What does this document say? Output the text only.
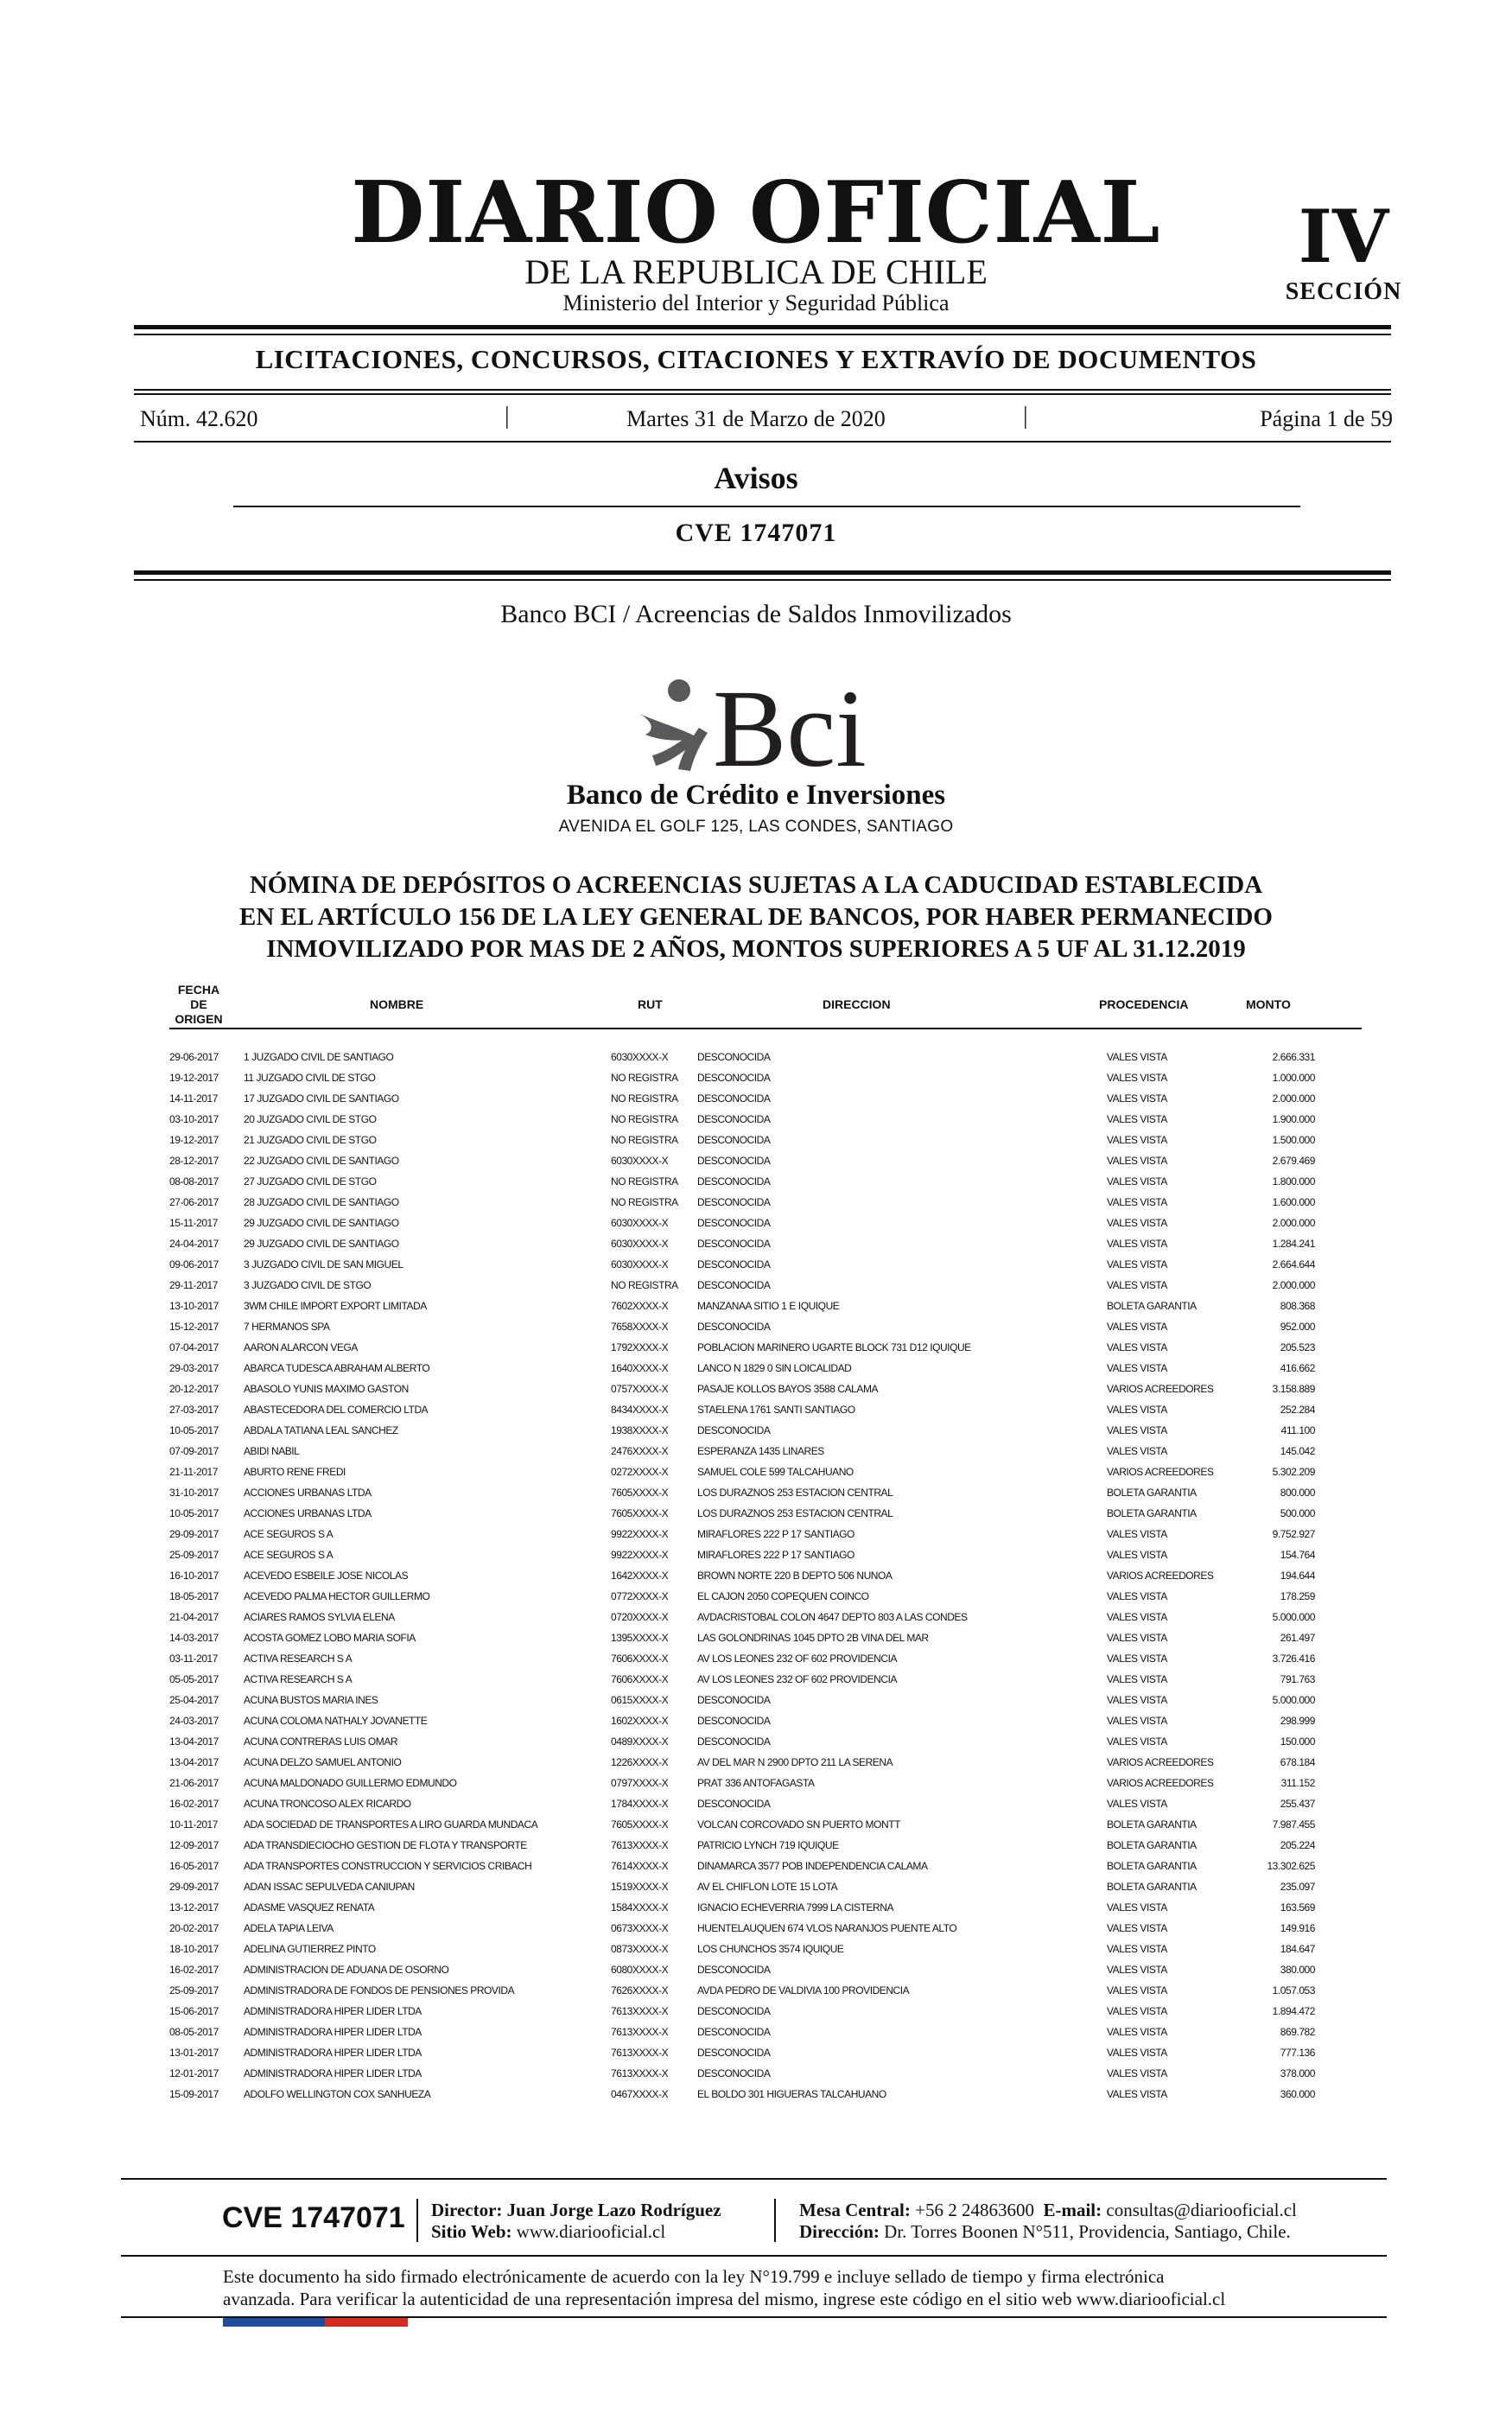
DIARIO OFICIAL
DE LA REPUBLICA DE CHILE
Ministerio del Interior y Seguridad Pública
IV
SECCIÓN
LICITACIONES, CONCURSOS, CITACIONES Y EXTRAVÍO DE DOCUMENTOS
Núm. 42.620	|	Martes 31 de Marzo de 2020	|	Página 1 de 59
Avisos
CVE 1747071
Banco BCI / Acreencias de Saldos Inmovilizados
Bci
Banco de Crédito e Inversiones
AVENIDA EL GOLF 125, LAS CONDES, SANTIAGO
NÓMINA DE DEPÓSITOS O ACREENCIAS SUJETAS A LA CADUCIDAD ESTABLECIDA
EN EL ARTÍCULO 156 DE LA LEY GENERAL DE BANCOS, POR HABER PERMANECIDO
INMOVILIZADO POR MAS DE 2 AÑOS, MONTOS SUPERIORES A 5 UF AL 31.12.2019
FECHA DE
ORIGEN
NOMBRE	RUT	DIRECCION	PROCEDENCIA	MONTO
29-06-2017 1 JUZGADO CIVIL DE SANTIAGO	6030XXXX-X	DESCONOCIDA	VALES VISTA	2.666.331
19-12-2017 11 JUZGADO CIVIL DE STGO	NO REGISTRA DESCONOCIDA	VALES VISTA	1.000.000
14-11-2017	17 JUZGADO CIVIL DE SANTIAGO	NO REGISTRA DESCONOCIDA	VALES VISTA	2.000.000
03-10-2017 20 JUZGADO CIVIL DE STGO	NO REGISTRA DESCONOCIDA	VALES VISTA	1.900.000
19-12-2017 21 JUZGADO CIVIL DE STGO	NO REGISTRA DESCONOCIDA	VALES VISTA	1.500.000
28-12-2017 22 JUZGADO CIVIL DE SANTIAGO	6030XXXX-X	DESCONOCIDA	VALES VISTA	2.679.469
08-08-2017 27 JUZGADO CIVIL DE STGO	NO REGISTRA DESCONOCIDA	VALES VISTA	1.800.000
27-06-2017 28 JUZGADO CIVIL DE SANTIAGO	NO REGISTRA DESCONOCIDA	VALES VISTA	1.600.000
15-11-2017	29 JUZGADO CIVIL DE SANTIAGO	6030XXXX-X	DESCONOCIDA	VALES VISTA	2.000.000
24-04-2017 29 JUZGADO CIVIL DE SANTIAGO	6030XXXX-X	DESCONOCIDA	VALES VISTA	1.284.241
09-06-2017 3 JUZGADO CIVIL DE SAN MIGUEL	6030XXXX-X	DESCONOCIDA	VALES VISTA	2.664.644
29-11-2017	3 JUZGADO CIVIL DE STGO	NO REGISTRA DESCONOCIDA	VALES VISTA	2.000.000
13-10-2017 3WM CHILE IMPORT EXPORT LIMITADA	7602XXXX-X	MANZANAA SITIO 1 E IQUIQUE	BOLETA GARANTIA	808.368
15-12-2017 7 HERMANOS SPA	7658XXXX-X	DESCONOCIDA	VALES VISTA	952.000
07-04-2017 AARON ALARCON VEGA	1792XXXX-X	POBLACION MARINERO UGARTE BLOCK 731 D12 IQUIQUE	VALES VISTA	205.523
29-03-2017 ABARCA TUDESCA ABRAHAM ALBERTO	1640XXXX-X	LANCO N 1829 0 SIN LOICALIDAD	VALES VISTA	416.662
20-12-2017 ABASOLO YUNIS MAXIMO GASTON	0757XXXX-X	PASAJE KOLLOS BAYOS 3588 CALAMA	VARIOS ACREEDORES	3.158.889
27-03-2017 ABASTECEDORA DEL COMERCIO LTDA	8434XXXX-X	STAELENA 1761 SANTI SANTIAGO	VALES VISTA	252.284
10-05-2017 ABDALA TATIANA LEAL SANCHEZ	1938XXXX-X	DESCONOCIDA	VALES VISTA	411.100
07-09-2017 ABIDI NABIL	2476XXXX-X	ESPERANZA 1435 LINARES	VALES VISTA	145.042
21-11-2017	ABURTO RENE FREDI	0272XXXX-X	SAMUEL COLE 599 TALCAHUANO	VARIOS ACREEDORES	5.302.209
31-10-2017 ACCIONES URBANAS LTDA	7605XXXX-X	LOS DURAZNOS 253 ESTACION CENTRAL	BOLETA GARANTIA	800.000
10-05-2017 ACCIONES URBANAS LTDA	7605XXXX-X	LOS DURAZNOS 253 ESTACION CENTRAL	BOLETA GARANTIA	500.000
29-09-2017 ACE SEGUROS S A	9922XXXX-X	MIRAFLORES 222 P 17 SANTIAGO	VALES VISTA	9.752.927
25-09-2017 ACE SEGUROS S A	9922XXXX-X	MIRAFLORES 222 P 17 SANTIAGO	VALES VISTA	154.764
16-10-2017 ACEVEDO ESBEILE JOSE NICOLAS	1642XXXX-X	BROWN NORTE 220 B DEPTO 506 NUNOA	VARIOS ACREEDORES	194.644
18-05-2017 ACEVEDO PALMA HECTOR GUILLERMO	0772XXXX-X	EL CAJON 2050 COPEQUEN COINCO	VALES VISTA	178.259
21-04-2017 ACIARES RAMOS SYLVIA ELENA	0720XXXX-X	AVDACRISTOBAL COLON 4647 DEPTO 803 A LAS CONDES	VALES VISTA	5.000.000
14-03-2017 ACOSTA GOMEZ LOBO MARIA SOFIA	1395XXXX-X	LAS GOLONDRINAS 1045 DPTO 2B VINA DEL MAR	VALES VISTA	261.497
03-11-2017	ACTIVA RESEARCH S A	7606XXXX-X	AV LOS LEONES 232 OF 602 PROVIDENCIA	VALES VISTA	3.726.416
05-05-2017 ACTIVA RESEARCH S A	7606XXXX-X	AV LOS LEONES 232 OF 602 PROVIDENCIA	VALES VISTA	791.763
25-04-2017 ACUNA BUSTOS MARIA INES	0615XXXX-X	DESCONOCIDA	VALES VISTA	5.000.000
24-03-2017 ACUNA COLOMA NATHALY JOVANETTE	1602XXXX-X	DESCONOCIDA	VALES VISTA	298.999
13-04-2017 ACUNA CONTRERAS LUIS OMAR	0489XXXX-X	DESCONOCIDA	VALES VISTA	150.000
13-04-2017 ACUNA DELZO SAMUEL ANTONIO	1226XXXX-X	AV DEL MAR N 2900 DPTO 211 LA SERENA	VARIOS ACREEDORES	678.184
21-06-2017 ACUNA MALDONADO GUILLERMO EDMUNDO	0797XXXX-X	PRAT 336 ANTOFAGASTA	VARIOS ACREEDORES	311.152
16-02-2017 ACUNA TRONCOSO ALEX RICARDO	1784XXXX-X	DESCONOCIDA	VALES VISTA	255.437
10-11-2017	ADA SOCIEDAD DE TRANSPORTES A LIRO GUARDA MUNDACA	7605XXXX-X	VOLCAN CORCOVADO SN PUERTO MONTT	BOLETA GARANTIA	7.987.455
12-09-2017 ADA TRANSDIECIOCHO GESTION DE FLOTA Y TRANSPORTE	7613XXXX-X	PATRICIO LYNCH 719 IQUIQUE	BOLETA GARANTIA	205.224
16-05-2017 ADA TRANSPORTES CONSTRUCCION Y SERVICIOS CRIBACH	7614XXXX-X	DINAMARCA 3577 POB INDEPENDENCIA CALAMA	BOLETA GARANTIA	13.302.625
29-09-2017 ADAN ISSAC SEPULVEDA CANIUPAN	1519XXXX-X	AV EL CHIFLON LOTE 15 LOTA	BOLETA GARANTIA	235.097
13-12-2017 ADASME VASQUEZ RENATA	1584XXXX-X	IGNACIO ECHEVERRIA 7999 LA CISTERNA	VALES VISTA	163.569
20-02-2017 ADELA TAPIA LEIVA	0673XXXX-X	HUENTELAUQUEN 674 VLOS NARANJOS PUENTE ALTO	VALES VISTA	149.916
18-10-2017 ADELINA GUTIERREZ PINTO	0873XXXX-X	LOS CHUNCHOS 3574 IQUIQUE	VALES VISTA	184.647
16-02-2017 ADMINISTRACION DE ADUANA DE OSORNO	6080XXXX-X	DESCONOCIDA	VALES VISTA	380.000
25-09-2017 ADMINISTRADORA DE FONDOS DE PENSIONES PROVIDA	7626XXXX-X	AVDA PEDRO DE VALDIVIA 100 PROVIDENCIA	VALES VISTA	1.057.053
15-06-2017 ADMINISTRADORA HIPER LIDER LTDA	7613XXXX-X	DESCONOCIDA	VALES VISTA	1.894.472
08-05-2017 ADMINISTRADORA HIPER LIDER LTDA	7613XXXX-X	DESCONOCIDA	VALES VISTA	869.782
13-01-2017 ADMINISTRADORA HIPER LIDER LTDA	7613XXXX-X	DESCONOCIDA	VALES VISTA	777.136
12-01-2017 ADMINISTRADORA HIPER LIDER LTDA	7613XXXX-X	DESCONOCIDA	VALES VISTA	378.000
15-09-2017 ADOLFO WELLINGTON COX SANHUEZA	0467XXXX-X	EL BOLDO 301 HIGUERAS TALCAHUANO	VALES VISTA	360.000
CVE 1747071 Director: Juan Jorge Lazo Rodríguez
Sitio Web: www.diariooficial.cl
Mesa Central: +56 2 24863600 E-mail: consultas@diariooficial.cl
Dirección: Dr. Torres Boonen N°511, Providencia, Santiago, Chile.
Este documento ha sido firmado electrónicamente de acuerdo con la ley N°19.799 e incluye sellado de tiempo y firma electrónica
avanzada. Para verificar la autenticidad de una representación impresa del mismo, ingrese este código en el sitio web www.diariooficial.cl
